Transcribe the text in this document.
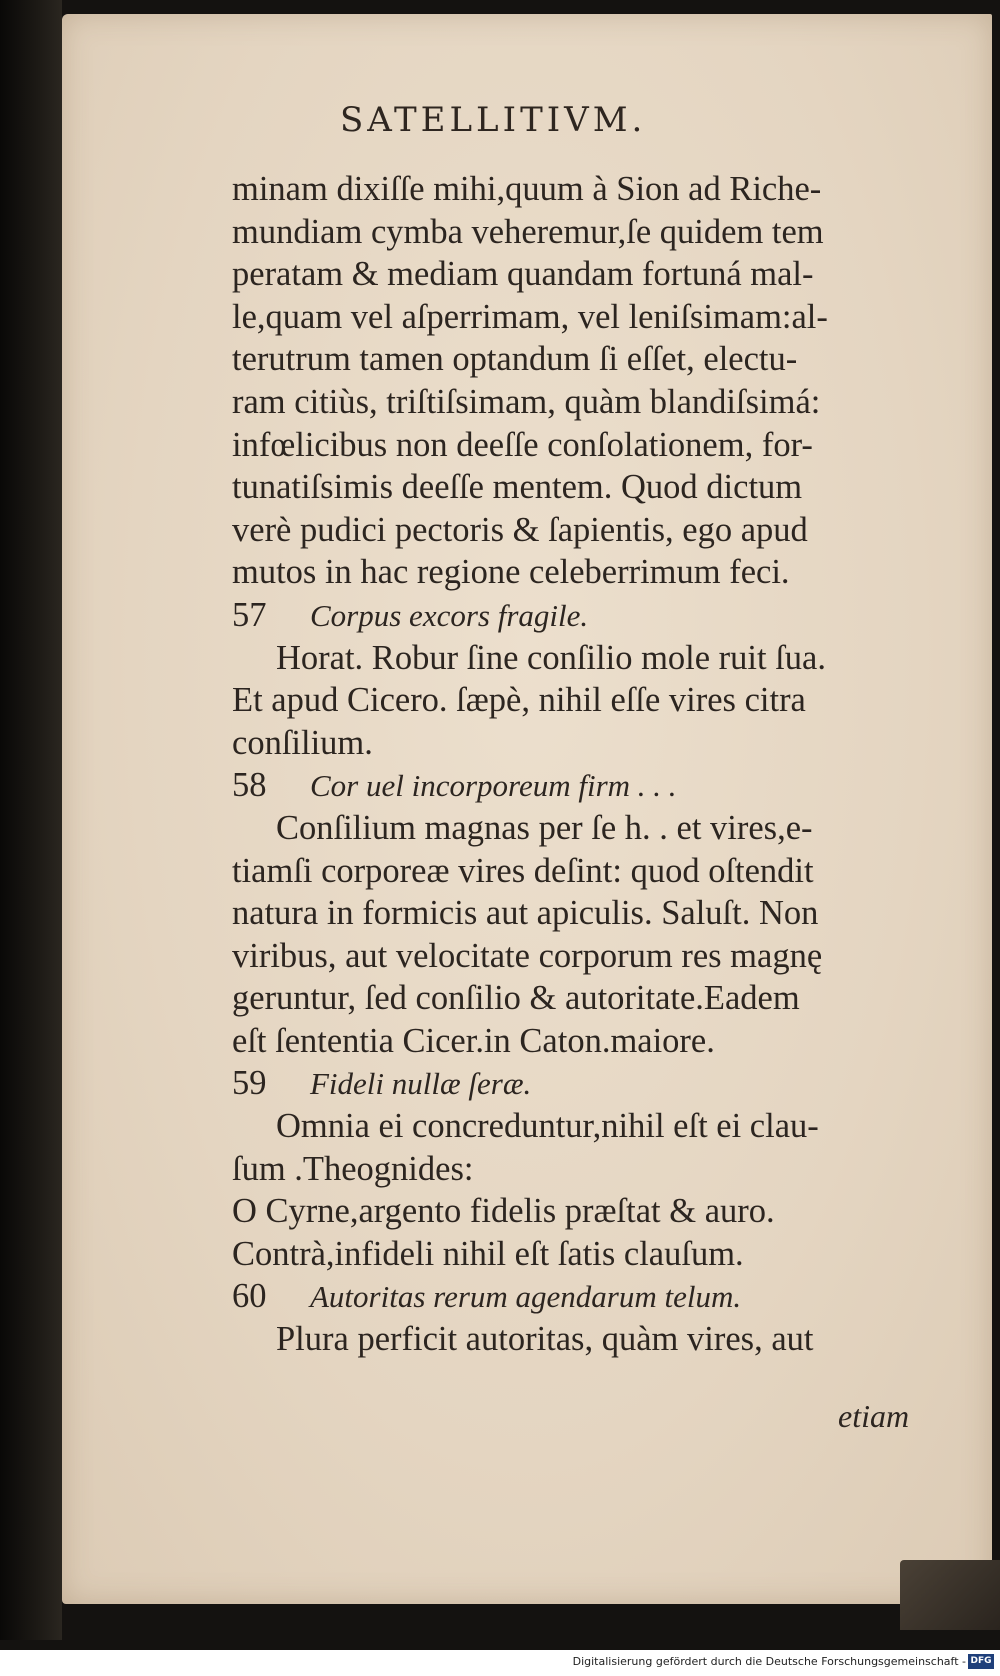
SATELLITIVM.
minam dixiſſe mihi,quum à Sion ad Riche-
mundiam cymba veheremur,ſe quidem tem
peratam & mediam quandam fortuná mal-
le,quam vel aſperrimam, vel leniſsimam:al-
terutrum tamen optandum ſi eſſet, electu-
ram citiùs, triſtiſsimam, quàm blandiſsimá:
infœlicibus non deeſſe conſolationem, for-
tunatiſsimis deeſſe mentem. Quod dictum
verè pudici pectoris & ſapientis, ego apud
mutos in hac regione celeberrimum feci.
57 Corpus excors fragile.
Horat. Robur ſine conſilio mole ruit ſua.
Et apud Cicero. ſæpè, nihil eſſe vires citra
conſilium.
58 Cor uel incorporeum firm . . .
Conſilium magnas per ſe h. . et vires,e-
tiamſi corporeæ vires deſint: quod oſtendit
natura in formicis aut apiculis. Saluſt. Non
viribus, aut velocitate corporum res magnę
geruntur, ſed conſilio & autoritate.Eadem
eſt ſententia Cicer.in Caton.maiore.
59 Fideli nullæ ſeræ.
Omnia ei concreduntur,nihil eſt ei clau-
ſum .Theognides:
O Cyrne,argento fidelis præſtat & auro.
Contrà,infideli nihil eſt ſatis clauſum.
60 Autoritas rerum agendarum telum.
Plura perficit autoritas, quàm vires, aut
etiam
Digitalisierung gefördert durch die Deutsche Forschungsgemeinschaft - DFG
